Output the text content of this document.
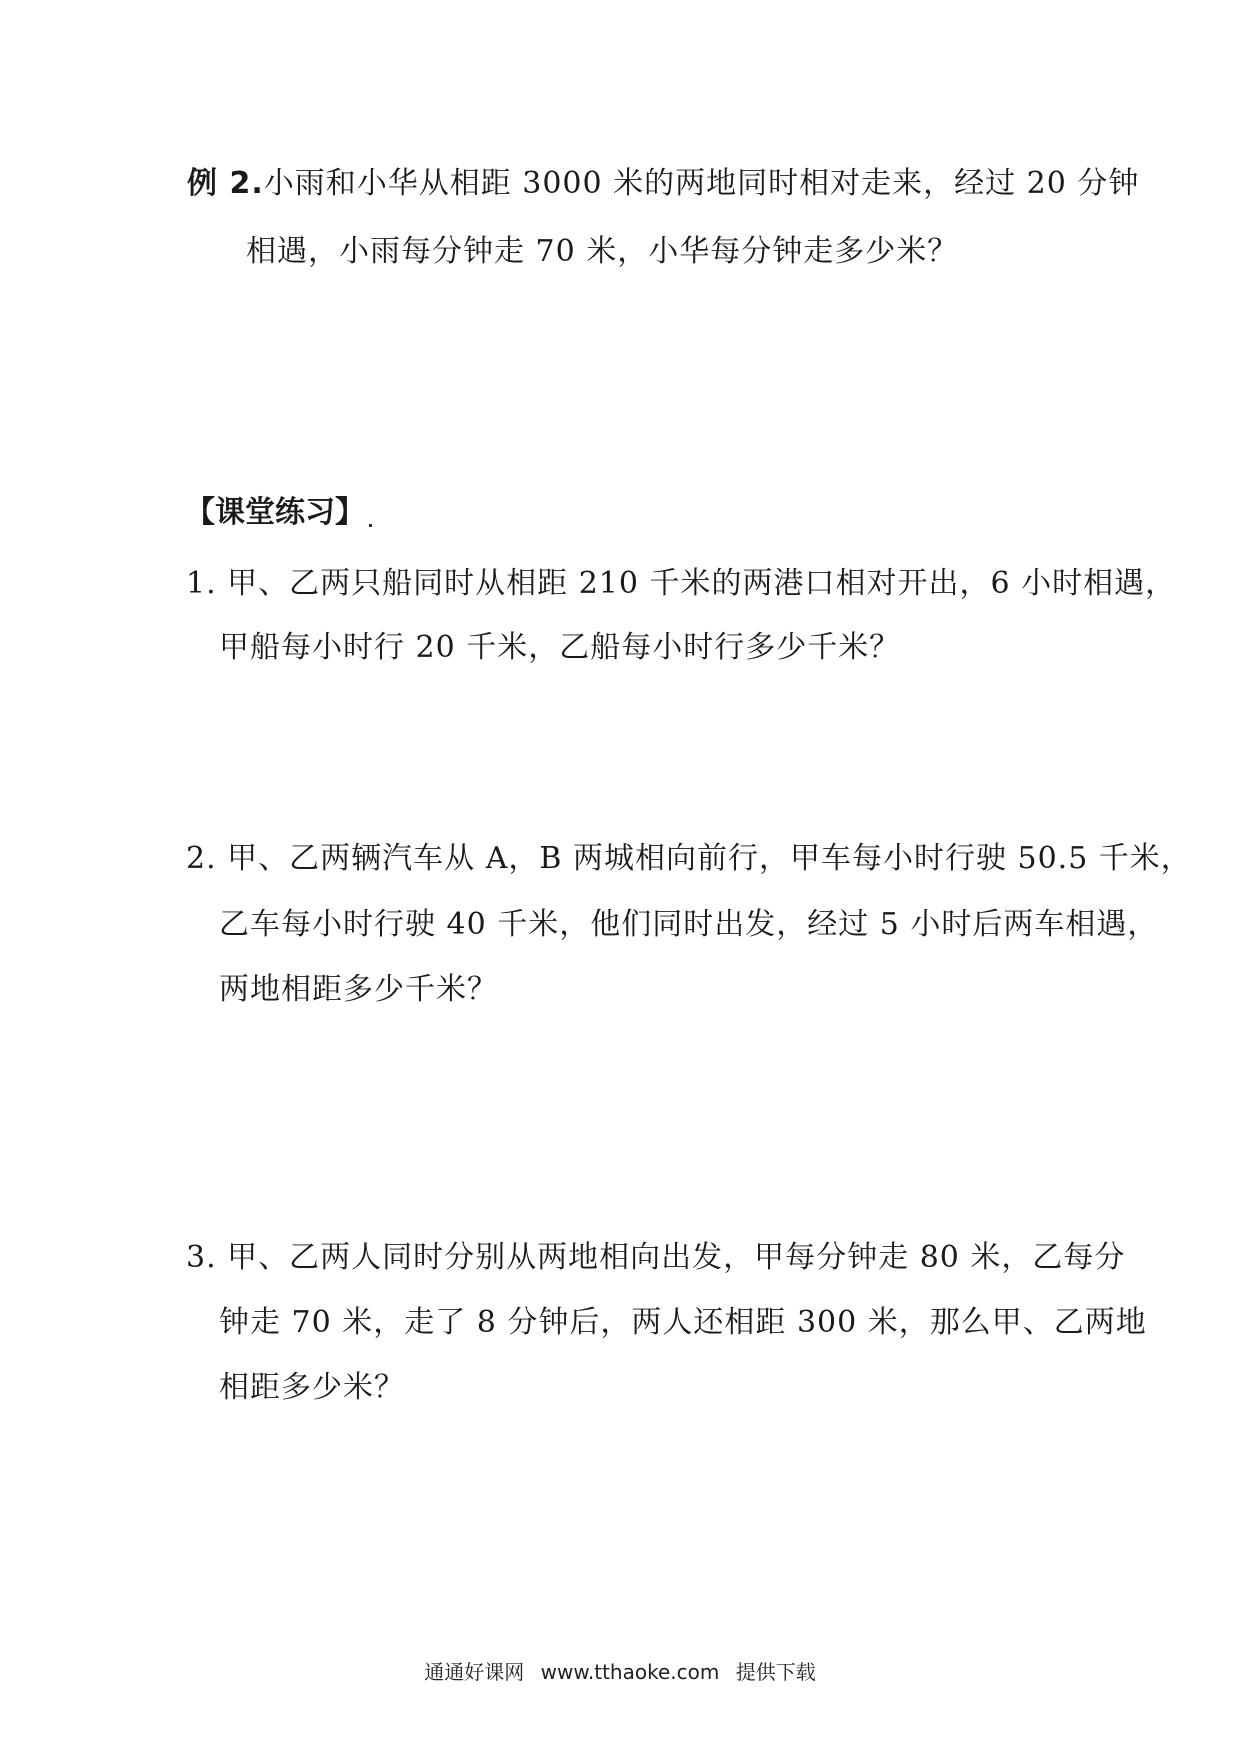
例 2.小雨和小华从相距 3000 米的两地同时相对走来，经过 20 分钟
相遇，小雨每分钟走 70 米，小华每分钟走多少米？
【课堂练习】
1. 甲、乙两只船同时从相距 210 千米的两港口相对开出，6 小时相遇，
甲船每小时行 20 千米，乙船每小时行多少千米？
2. 甲、乙两辆汽车从 A，B 两城相向前行，甲车每小时行驶 50.5 千米，
乙车每小时行驶 40 千米，他们同时出发，经过 5 小时后两车相遇，
两地相距多少千米？
3. 甲、乙两人同时分别从两地相向出发，甲每分钟走 80 米，乙每分
钟走 70 米，走了 8 分钟后，两人还相距 300 米，那么甲、乙两地
相距多少米？
通通好课网 www.tthaoke.com 提供下载
